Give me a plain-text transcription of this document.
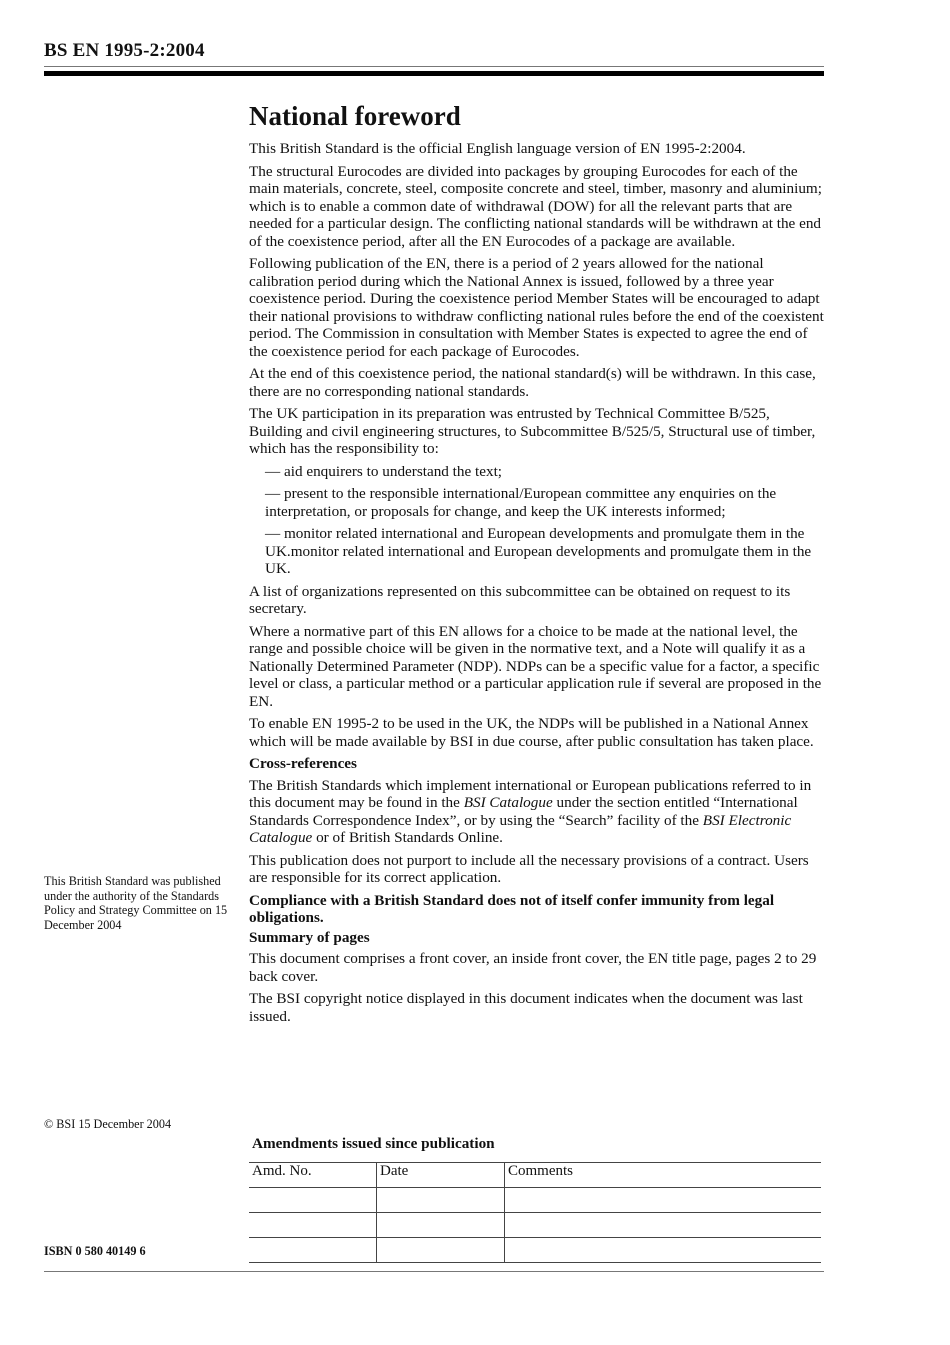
BS EN 1995-2:2004
National foreword

This British Standard is the official English language version of EN 1995-2:2004.

The structural Eurocodes are divided into packages by grouping Eurocodes for each of the main materials, concrete, steel, composite concrete and steel, timber, masonry and aluminium; which is to enable a common date of withdrawal (DOW) for all the relevant parts that are needed for a particular design. The conflicting national standards will be withdrawn at the end of the coexistence period, after all the EN Eurocodes of a package are available.

Following publication of the EN, there is a period of 2 years allowed for the national calibration period during which the National Annex is issued, followed by a three year coexistence period. During the coexistence period Member States will be encouraged to adapt their national provisions to withdraw conflicting national rules before the end of the coexistent period. The Commission in consultation with Member States is expected to agree the end of the coexistence period for each package of Eurocodes.

At the end of this coexistence period, the national standard(s) will be withdrawn. In this case, there are no corresponding national standards.

The UK participation in its preparation was entrusted by Technical Committee B/525, Building and civil engineering structures, to Subcommittee B/525/5, Structural use of timber, which has the responsibility to:

— aid enquirers to understand the text;

— present to the responsible international/European committee any enquiries on the interpretation, or proposals for change, and keep the UK interests informed;

— monitor related international and European developments and promulgate them in the UK.monitor related international and European developments and promulgate them in the UK.

A list of organizations represented on this subcommittee can be obtained on request to its secretary.

Where a normative part of this EN allows for a choice to be made at the national level, the range and possible choice will be given in the normative text, and a Note will qualify it as a Nationally Determined Parameter (NDP). NDPs can be a specific value for a factor, a specific level or class, a particular method or a particular application rule if several are proposed in the EN.

To enable EN 1995-2 to be used in the UK, the NDPs will be published in a National Annex which will be made available by BSI in due course, after public consultation has taken place.

Cross-references

The British Standards which implement international or European publications referred to in this document may be found in the BSI Catalogue under the section entitled “International Standards Correspondence Index”, or by using the “Search” facility of the BSI Electronic Catalogue or of British Standards Online.

This publication does not purport to include all the necessary provisions of a contract. Users are responsible for its correct application.

Compliance with a British Standard does not of itself confer immunity from legal obligations.

Summary of pages

This document comprises a front cover, an inside front cover, the EN title page, pages 2 to 29 back cover.

The BSI copyright notice displayed in this document indicates when the document was last issued.

This British Standard was published under the authority of the Standards Policy and Strategy Committee on 15 December 2004
© BSI 15 December 2004
ISBN 0 580 40149 6
Amendments issued since publication
Amd. No.	Date	Comments
